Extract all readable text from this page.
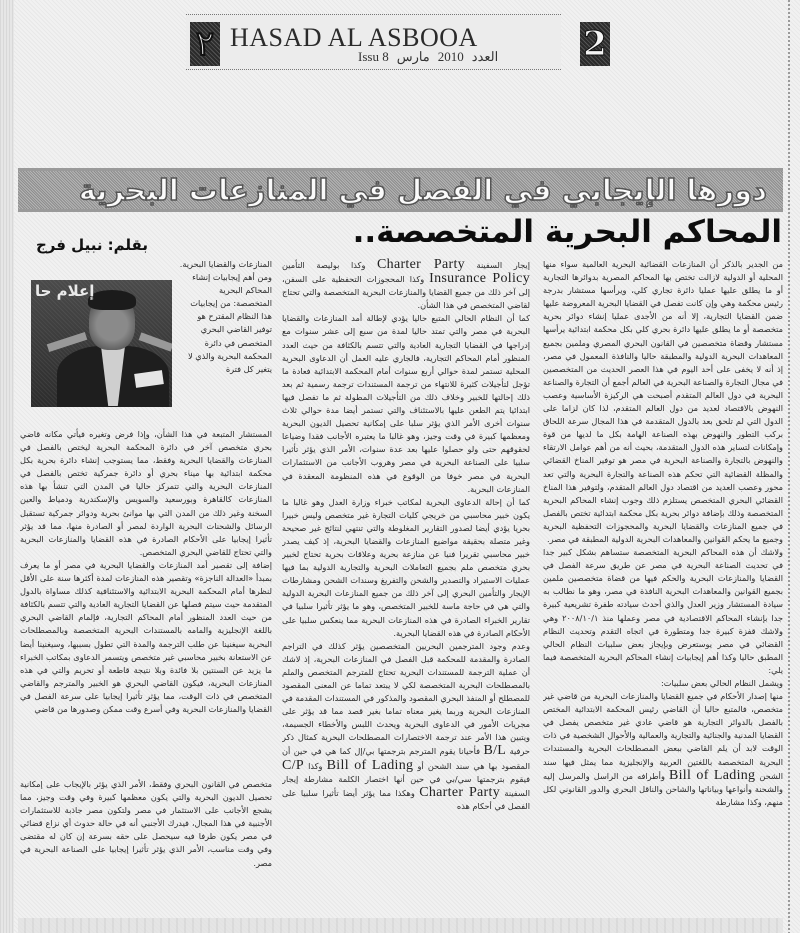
٢ HASAD AL ASBOOA
Issu 8	العدد2010مارس	2
دورها الإيجابي في الفصل في المنازعات البحرية
المحاكم البحرية المتخصصة..
بقلم: نبيل فرج
إعلام حا

من الجدير بالذكر أن المنازعات القضائية البحرية العالمية سواء منها المحلية أو الدولية لازالت تختص بها المحاكم المصرية بدوائرها التجارية أو ما يطلق عليها عمليا دائرة تجاري كلي، ويرأسها مستشار بدرجة رئيس محكمة وهي وإن كانت تفصل في القضايا البحرية المعروضة عليها ضمن القضايا التجارية، إلا أنه من الأجدى عمليا إنشاء دوائر بحرية متخصصة أو ما يطلق عليها دائرة بحري كلي بكل محكمة ابتدائية يرأسها مستشار وقضاة متخصصين في القانون البحري المصري وملمين بجميع المعاهدات البحرية الدولية والمطبقة حاليا والنافذة المعمول في مصر، إذ أنه لا يخفى على أحد اليوم في هذا العصر الحديث من المتخصصين في مجال التجارة والصناعة البحرية في العالم أجمع أن التجارة والصناعة البحرية في دول العالم المتقدم أصبحت هي الركيزة الأساسية وعصب النهوض بالاقتصاد لعديد من دول العالم المتقدم، لذا كان لزاما على الدول التي لم تلحق بعد بالدول المتقدمة في هذا المجال سرعة اللحاق بركب التطور والنهوض بهذه الصناعة الهامة بكل ما لديها من قوة وإمكانات لتساير هذه الدول المتقدمة، بحيث أنه من أهم عوامل الارتقاء والنهوض بالتجارة والصناعة البحرية في مصر هو توفير المناخ القضائي والمظلة القضائية التي تحكم هذه الصناعة والتجارة البحرية والتي تعد محور وعصب العديد من اقتصاد دول العالم المتقدم، ولتوفير هذا المناخ القضائي البحري المتخصص يستلزم ذلك وجوب إنشاء المحاكم البحرية المتخصصة وذلك بإضافة دوائر بحرية بكل محكمة ابتدائية تختص بالفصل في جميع المنازعات والقضايا البحرية والمحجوزات التحفظية البحرية وجميع ما يحكم القوانين والمعاهدات البحرية الدولية المطبقة في مصر.

ولاشك أن هذه المحاكم البحرية المتخصصة ستساهم بشكل كبير جدا في تحديث الصناعة البحرية في مصر عن طريق سرعة الفصل في القضايا والمنازعات البحرية والحكم فيها من قضاة متخصصين ملمين بجميع القوانين والمعاهدات البحرية النافذة في مصر، وهو ما نطالب به سيادة المستشار وزير العدل والذي أحدث سيادته طفرة تشريعية كبيرة جدا بإنشاء المحاكم الاقتصادية في مصر وعملها منذ ٢٠٠٨/١٠/١ وهي ولاشك قفزة كبيرة جدا ومتطورة في اتجاه التقدم وتحديث النظام القضائي في مصر يوستعرض وبإيجاز بعض سلبيات النظام الحالي المطبق حاليا وكذا أهم إيجابيات إنشاء المحاكم البحرية المتخصصة فيما يلي:

ويشمل النظام الحالي بعض سلبيات:

منها إصدار الأحكام في جميع القضايا والمنازعات البحرية من قاضي غير متخصص، فالمتبع حاليا أن القاضي رئيس المحكمة الابتدائية المختص بالفصل بالدوائر التجارية هو قاضي عادي غير متخصص يفصل في القضايا المدنية والجنائية والتجارية والعمالية والأحوال الشخصية في ذات الوقت لابد أن يلم القاضي ببعض المصطلحات البحرية والمستندات البحرية المتخصصة باللغتين العربية والإنجليزية مما يمثل فيها سند الشحن Bill of Lading وأطرافه من الراسل والمرسل إليه والشحنة وأنواعها وبياناتها والشاحن والناقل البحري والدور القانوني لكل منهم، وكذا مشارطة

إيجار السفينة Charter Party وكذا بوليصة التأمين Insurance Policy وكذا المحجوزات التحفظية على السفن، إلى آخر ذلك من جميع القضايا والمنازعات البحرية المتخصصة والتي تحتاج لقاضي المتخصص في هذا الشأن.

كما أن النظام الحالي المتبع حاليا يؤدي لإطالة أمد المنازعات والقضايا البحرية في مصر والتي تمتد حاليا لمدة من سبع إلى عشر سنوات مع إدراجها في القضايا التجارية العادية والتي تتسم بالكثافة من حيث العدد المنظور أمام المحاكم التجارية، فالجاري عليه العمل أن الدعاوى البحرية المحلية تستمر لمدة حوالي أربع سنوات أمام المحكمة الابتدائية فعادة ما تؤجل لتأجيلات كثيرة للانتهاء من ترجمة المستندات ترجمة رسمية ثم بعد ذلك إحالتها للخبير وخلاف ذلك من التأجيلات المطولة ثم ما تفصل فيها ابتدائيا يتم الطعن عليها بالاستئناف والتي تستمر أيضا مدة حوالي ثلاث سنوات أخرى الأمر الذي يؤثر سلبا على إمكانية تحصيل الديون البحرية ومعظمها كبيرة في وقت وجيز، وهو غالبا ما يعتبره الأجانب فقدا وضياعا لحقوقهم حتى ولو حصلوا عليها بعد عدة سنوات، الأمر الذي يؤثر تأثيرا سلبيا على الصناعة البحرية في مصر وهروب الأجانب من الاستثمارات البحرية في مصر خوفا من الوقوع في هذه المنظومة المعقدة في المنازعات البحرية.

كما أن إحالة الدعاوى البحرية لمكاتب خبراء وزارة العدل وهو غالبا ما يكون خبير محاسبي من خريجي كليات التجارة غير متخصص وليس خبيرا بحريا يؤدي أيضا لصدور التقارير المغلوطة والتي تنتهي لنتائج غير صحيحة وغير متصلة بحقيقة مواضيع المنازعات والقضايا البحرية، إذ كيف يصدر خبير محاسبي تقريرا فنيا عن منازعة بحرية وعلاقات بحرية تحتاج لخبير بحري متخصص ملم بجميع التعاملات البحرية والتجارية الدولية بما فيها عمليات الاستيراد والتصدير والشحن والتفريغ وسندات الشحن ومشارطات الإيجار والتأمين البحري إلى آخر ذلك من جميع المنازعات البحرية الدولية والتي هي في حاجة ماسة للخبير المتخصص، وهو ما يؤثر تأثيرا سلبيا في تقارير الخبراء الصادرة في هذه المنازعات البحرية مما ينعكس سلبيا على الأحكام الصادرة في هذه القضايا البحرية.

وعدم وجود المترجمين البحريين المتخصصين يؤثر كذلك في التراجم الصادرة والمقدمة للمحكمة قبل الفصل في المنازعات البحرية، إذ لاشك أن عملية الترجمة للمستندات البحرية تحتاج للمترجم المتخصص والملم بالمصطلحات البحرية المتخصصة لكي لا يبتعد تماما عن المعنى المقصود للمصطلح أو المنفذ البحري المقصود والمذكور في المستندات المقدمة في المنازعات البحرية وربما يغير معناه تماما بغير قصد مما قد يؤثر على مجريات الأمور في الدعاوى البحرية ويحدث اللبس والأخطاء الجسيمة، ويتبين هذا الأمر عند ترجمة الاختصارات المصطلحات البحرية كمثال ذكر حرفية B/L فأحيانا يقوم المترجم بترجمتها بي/إل كما هي في حين أن المقصود بها هي سند الشحن أو Bill of Lading وكذا C/P فيقوم بترجمتها سي/بي في حين أنها اختصار الكلمة مشارطة إيجار السفينة Charter Party وهكذا مما يؤثر أيضا تأثيرا سلبيا على الفصل في أحكام هذه

المنازعات والقضايا البحرية. ومن أهم إيجابيات إنشاء المحاكم البحرية المتخصصة: من إيجابيات هذا النظام المقترح هو توفير القاضي البحري المتخصص في دائرة المحكمة البحرية والذي لا يتغير كل فترة

المستشار المتبعة في هذا الشأن، وإذا فرض وتغيره فيأتي مكانه قاضي بحري متخصص آخر في دائرة المحكمة البحرية ليختص بالفصل في المنازعات والقضايا البحرية وفقط، مما يستوجب إنشاء دائرة بحرية بكل محكمة ابتدائية بها ميناء بحري أو دائرة جمركية تختص بالفصل في المنازعات البحرية والتي تتمركز حاليا في المدن التي تنشأ بها هذه المنازعات كالقاهرة وبورسعيد والسويس والإسكندرية ودمياط والعين السخنة وغير ذلك من المدن التي بها موانئ بحرية ودوائر جمركية تستقبل الرسائل والشحنات البحرية الواردة لمصر أو الصادرة منها، مما قد يؤثر تأثيرا إيجابيا على الأحكام الصادرة في هذه القضايا والمنازعات البحرية والتي تحتاج للقاضي البحري المتخصص.

إضافة إلى تقصير أمد المنازعات والقضايا البحرية في مصر أو ما يعرف بمبدأ «العدالة الناجزة» وتقصير هذه المنازعات لمدة أكثرها سنة على الأقل لنظرها أمام المحكمة البحرية الابتدائية والاستئنافية كذلك مساواة بالدول المتقدمة حيث سيتم فصلها عن القضايا التجارية العادية والتي تتسم بالكثافة من حيث العدد المنظور أمام المحاكم التجارية، فإلمام القاضي البحري باللغة الإنجليزية والمامه بالمستندات البحرية المتخصصة وبالمصطلحات البحرية سيغنينا عن طلب الترجمة والمدة التي تطول بسببها، وسيغنينا أيضا عن الاستعانة بخبير محاسبي غير متخصص ويتسمر الدعاوى بمكاتب الخبراء ما يزيد عن السنتين بلا فائدة وبلا نتيجة قاطعة أو تحريم والتي في هذه المنازعات البحرية، فيكون القاضي البحري هو الخبير والمترجم والقاضي المتخصص في ذات الوقت، مما يؤثر تأثيرا إيجابيا على سرعة الفصل في القضايا والمنازعات البحرية وفي أسرع وقت ممكن وصدورها من قاضي

متخصص في القانون البحري وفقط، الأمر الذي يؤثر بالإيجاب على إمكانية تحصيل الديون البحرية والتي يكون معظمها كبيرة وفي وقت وجيز، مما يشجع الأجانب على الاستثمار في مصر ولتكون مصر جاذبة للاستثمارات الأجنبية في هذا المجال، فيدرك الأجنبي أنه في حالة حدوث أي نزاع قضائي في مصر يكون طرفا فيه سيحصل على حقه بسرعة إن كان له مقتضى وفي وقت مناسب، الأمر الذي يؤثر تأثيرا إيجابيا على الصناعة البحرية في مصر.
